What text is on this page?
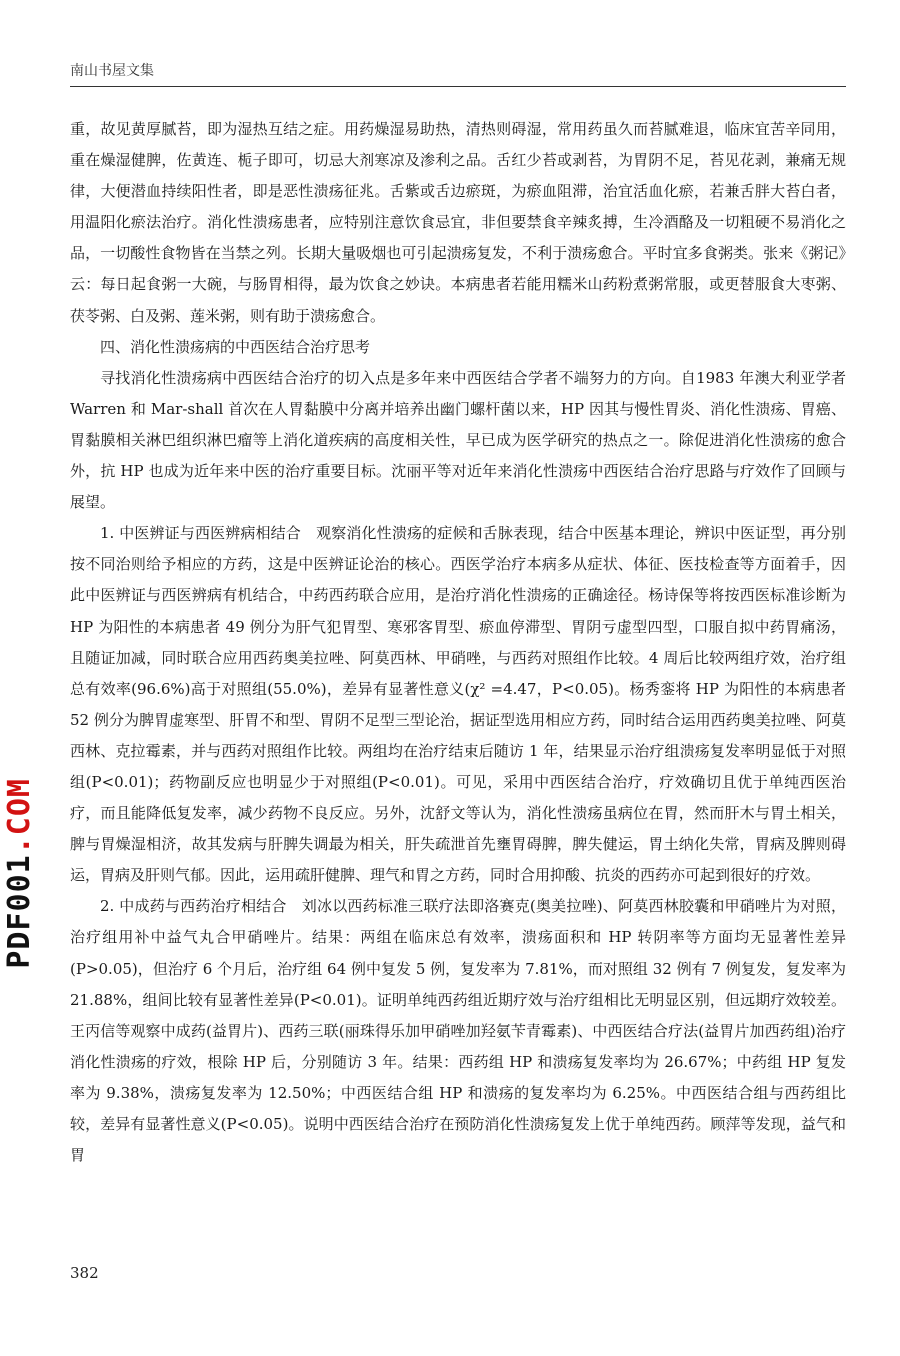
南山书屋文集
PDF001.COM

重，故见黄厚腻苔，即为湿热互结之症。用药燥湿易助热，清热则碍湿，常用药虽久而苔腻难退，临床宜苦辛同用，重在燥湿健脾，佐黄连、栀子即可，切忌大剂寒凉及渗利之品。舌红少苔或剥苔，为胃阴不足，苔见花剥，兼痛无规律，大便潜血持续阳性者，即是恶性溃疡征兆。舌紫或舌边瘀斑，为瘀血阻滞，治宜活血化瘀，若兼舌胖大苔白者，用温阳化瘀法治疗。消化性溃疡患者，应特别注意饮食忌宜，非但要禁食辛辣炙搏，生冷酒酪及一切粗硬不易消化之品，一切酸性食物皆在当禁之列。长期大量吸烟也可引起溃疡复发，不利于溃疡愈合。平时宜多食粥类。张来《粥记》云：每日起食粥一大碗，与肠胃相得，最为饮食之妙诀。本病患者若能用糯米山药粉煮粥常服，或更替服食大枣粥、茯苓粥、白及粥、莲米粥，则有助于溃疡愈合。

四、消化性溃疡病的中西医结合治疗思考

寻找消化性溃疡病中西医结合治疗的切入点是多年来中西医结合学者不端努力的方向。自1983 年澳大利亚学者 Warren 和 Mar-shall 首次在人胃黏膜中分离并培养出幽门螺杆菌以来，HP 因其与慢性胃炎、消化性溃疡、胃癌、胃黏膜相关淋巴组织淋巴瘤等上消化道疾病的高度相关性，早已成为医学研究的热点之一。除促进消化性溃疡的愈合外，抗 HP 也成为近年来中医的治疗重要目标。沈丽平等对近年来消化性溃疡中西医结合治疗思路与疗效作了回顾与展望。

1. 中医辨证与西医辨病相结合　观察消化性溃疡的症候和舌脉表现，结合中医基本理论，辨识中医证型，再分别按不同治则给予相应的方药，这是中医辨证论治的核心。西医学治疗本病多从症状、体征、医技检查等方面着手，因此中医辨证与西医辨病有机结合，中药西药联合应用，是治疗消化性溃疡的正确途径。杨诗保等将按西医标准诊断为 HP 为阳性的本病患者 49 例分为肝气犯胃型、寒邪客胃型、瘀血停滞型、胃阴亏虚型四型，口服自拟中药胃痛汤，且随证加减，同时联合应用西药奥美拉唑、阿莫西林、甲硝唑，与西药对照组作比较。4 周后比较两组疗效，治疗组总有效率(96.6%)高于对照组(55.0%)，差异有显著性意义(χ² =4.47，P<0.05)。杨秀銮将 HP 为阳性的本病患者 52 例分为脾胃虚寒型、肝胃不和型、胃阴不足型三型论治，据证型选用相应方药，同时结合运用西药奥美拉唑、阿莫西林、克拉霉素，并与西药对照组作比较。两组均在治疗结束后随访 1 年，结果显示治疗组溃疡复发率明显低于对照组(P<0.01)；药物副反应也明显少于对照组(P<0.01)。可见，采用中西医结合治疗，疗效确切且优于单纯西医治疗，而且能降低复发率，减少药物不良反应。另外，沈舒文等认为，消化性溃疡虽病位在胃，然而肝木与胃土相关，脾与胃燥湿相济，故其发病与肝脾失调最为相关，肝失疏泄首先壅胃碍脾，脾失健运，胃土纳化失常，胃病及脾则碍运，胃病及肝则气郁。因此，运用疏肝健脾、理气和胃之方药，同时合用抑酸、抗炎的西药亦可起到很好的疗效。

2. 中成药与西药治疗相结合　刘冰以西药标准三联疗法即洛赛克(奥美拉唑)、阿莫西林胶囊和甲硝唑片为对照，治疗组用补中益气丸合甲硝唑片。结果：两组在临床总有效率，溃疡面积和 HP 转阴率等方面均无显著性差异(P>0.05)，但治疗 6 个月后，治疗组 64 例中复发 5 例，复发率为 7.81%，而对照组 32 例有 7 例复发，复发率为 21.88%，组间比较有显著性差异(P<0.01)。证明单纯西药组近期疗效与治疗组相比无明显区别，但远期疗效较差。王丙信等观察中成药(益胃片)、西药三联(丽珠得乐加甲硝唑加羟氨苄青霉素)、中西医结合疗法(益胃片加西药组)治疗消化性溃疡的疗效，根除 HP 后，分别随访 3 年。结果：西药组 HP 和溃疡复发率均为 26.67%；中药组 HP 复发率为 9.38%，溃疡复发率为 12.50%；中西医结合组 HP 和溃疡的复发率均为 6.25%。中西医结合组与西药组比较，差异有显著性意义(P<0.05)。说明中西医结合治疗在预防消化性溃疡复发上优于单纯西药。顾萍等发现，益气和胃

382
